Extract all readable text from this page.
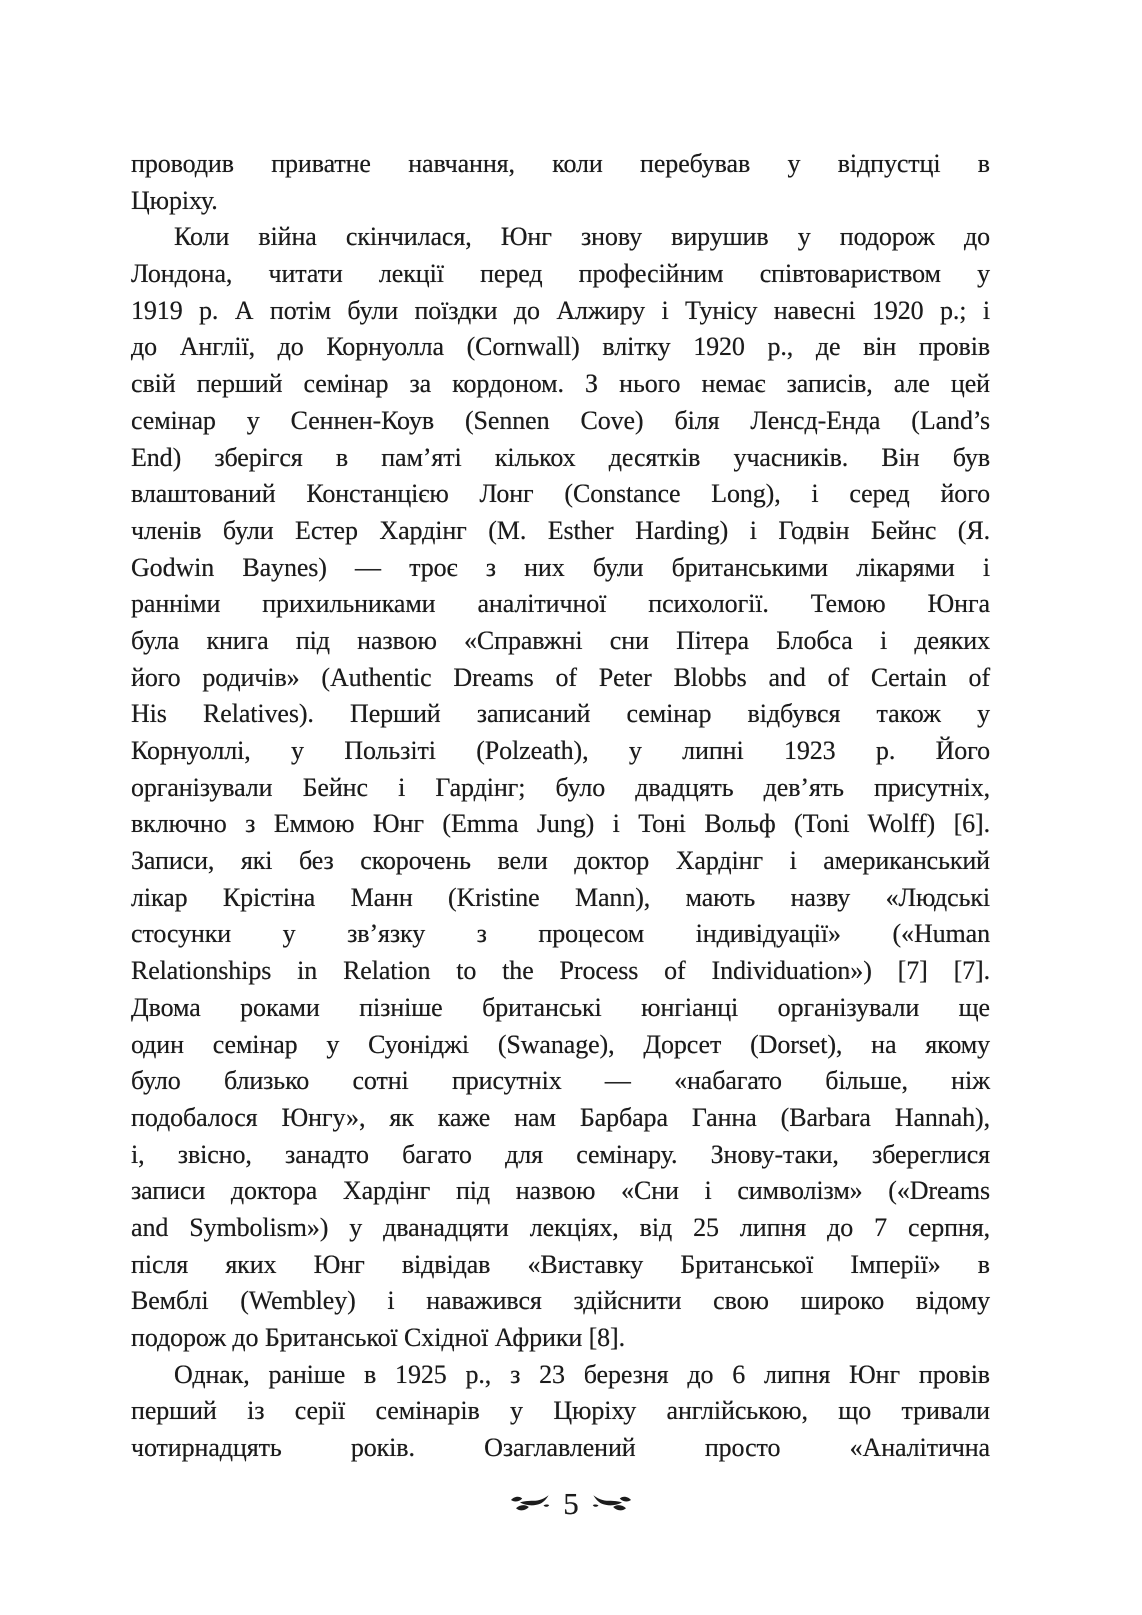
проводив приватне навчання, коли перебував у відпустці в
Цюріху.

Коли війна скінчилася, Юнг знову вирушив у подорож до
Лондона, читати лекції перед професійним співтовариством у
1919 р. А потім були поїздки до Алжиру і Тунісу навесні 1920 р.; і
до Англії, до Корнуолла (Cornwall) влітку 1920 р., де він провів
свій перший семінар за кордоном. З нього немає записів, але цей
семінар у Сеннен-Коув (Sennen Cove) біля Ленсд-Енда (Land’s
End) зберігся в пам’яті кількох десятків учасників. Він був
влаштований Констанцією Лонг (Constance Long), і серед його
членів були Естер Хардінг (M. Esther Harding) і Годвін Бейнс (Я.
Godwin Baynes) — троє з них були британськими лікарями і
ранніми прихильниками аналітичної психології. Темою Юнга
була книга під назвою «Справжні сни Пітера Блобса і деяких
його родичів» (Authentic Dreams of Peter Blobbs and of Certain of
His Relatives). Перший записаний семінар відбувся також у
Корнуоллі, у Пользіті (Polzeath), у липні 1923 р. Його
організували Бейнс і Гардінг; було двадцять дев’ять присутніх,
включно з Еммою Юнг (Emma Jung) і Тоні Вольф (Toni Wolff) [6].
Записи, які без скорочень вели доктор Хардінг і американський
лікар Крістіна Манн (Kristine Mann), мають назву «Людські
стосунки у зв’язку з процесом індивідуації» («Human
Relationships in Relation to the Process of Individuation») [7] [7].
Двома роками пізніше британські юнгіанці організували ще
один семінар у Суоніджі (Swanage), Дорсет (Dorset), на якому
було близько сотні присутніх — «набагато більше, ніж
подобалося Юнгу», як каже нам Барбара Ганна (Barbara Hannah),
і, звісно, занадто багато для семінару. Знову-таки, збереглися
записи доктора Хардінг під назвою «Сни і символізм» («Dreams
and Symbolism») у дванадцяти лекціях, від 25 липня до 7 серпня,
після яких Юнг відвідав «Виставку Британської Імперії» в
Вемблі (Wembley) і наважився здійснити свою широко відому
подорож до Британської Східної Африки [8].

Однак, раніше в 1925 р., з 23 березня до 6 липня Юнг провів
перший із серії семінарів у Цюріху англійською, що тривали
чотирнадцять років. Озаглавлений просто «Аналітична

5
